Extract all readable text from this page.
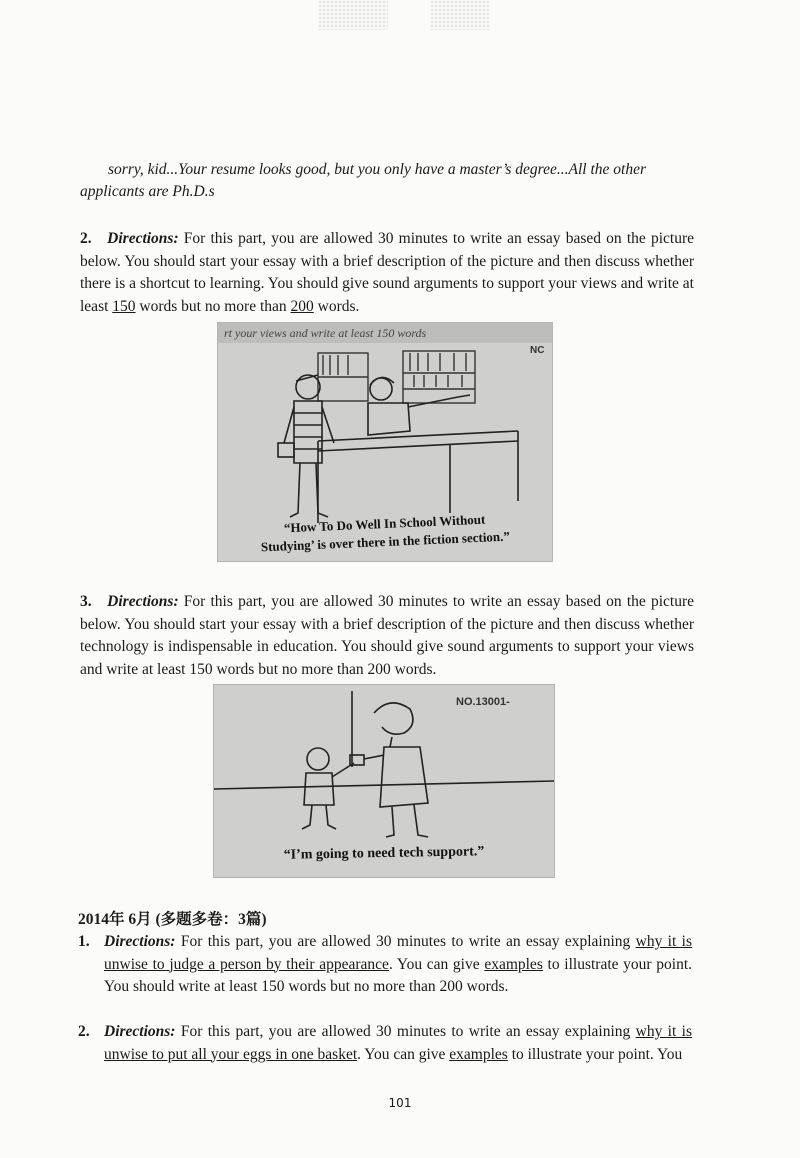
sorry, kid...Your resume looks good, but you only have a master’s degree...All the other

applicants are Ph.D.s

2. Directions: For this part, you are allowed 30 minutes to write an essay based on the picture below. You should start your essay with a brief description of the picture and then discuss whether there is a shortcut to learning. You should give sound arguments to support your views and write at least 150 words but no more than 200 words.
rt your views and write at least 150 words
NC
“How To Do Well In School Without
Studying’ is over there in the fiction section.”
3. Directions: For this part, you are allowed 30 minutes to write an essay based on the picture below. You should start your essay with a brief description of the picture and then discuss whether technology is indispensable in education. You should give sound arguments to support your views and write at least 150 words but no more than 200 words.
NO.13001-
“I’m going to need tech support.”
2014年 6月 (多题多卷：3篇)
1. Directions: For this part, you are allowed 30 minutes to write an essay explaining why it is unwise to judge a person by their appearance. You can give examples to illustrate your point. You should write at least 150 words but no more than 200 words.
2. Directions: For this part, you are allowed 30 minutes to write an essay explaining why it is unwise to put all your eggs in one basket. You can give examples to illustrate your point. You
101
